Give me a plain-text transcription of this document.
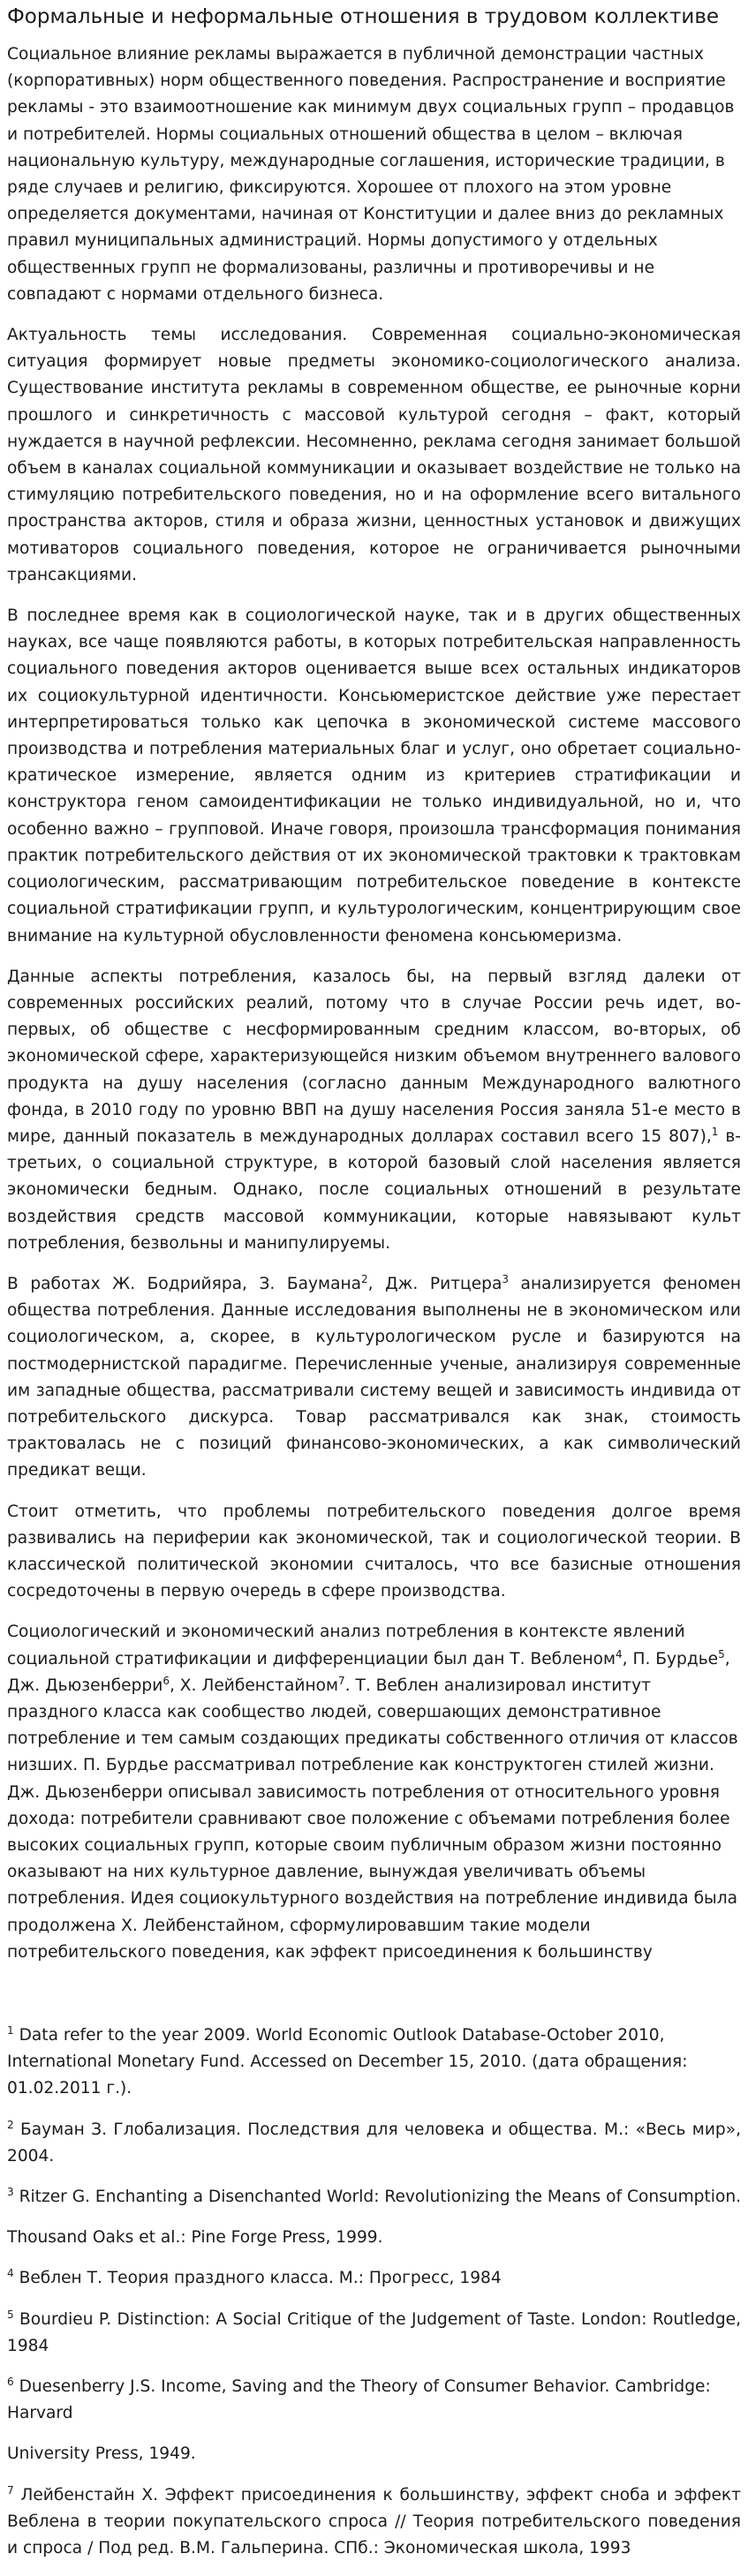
Формальные и неформальные отношения в трудовом коллективе

Социальное влияние рекламы выражается в публичной демонстрации частных (корпоративных) норм общественного поведения. Распространение и восприятие рекламы - это взаимоотношение как минимум двух социальных групп – продавцов и потребителей. Нормы социальных отношений общества в целом – включая национальную культуру, международные соглашения, исторические традиции, в ряде случаев и религию, фиксируются. Хорошее от плохого на этом уровне определяется документами, начиная от Конституции и далее вниз до рекламных правил муниципальных администраций. Нормы допустимого у отдельных общественных групп не формализованы, различны и противоречивы и не совпадают с нормами отдельного бизнеса.

Актуальность темы исследования. Современная социально-экономическая ситуация формирует новые предметы экономико-социологического анализа. Существование института рекламы в современном обществе, ее рыночные корни прошлого и синкретичность с массовой культурой сегодня – факт, который нуждается в научной рефлексии. Несомненно, реклама сегодня занимает большой объем в каналах социальной коммуникации и оказывает воздействие не только на стимуляцию потребительского поведения, но и на оформление всего витального пространства акторов, стиля и образа жизни, ценностных установок и движущих мотиваторов социального поведения, которое не ограничивается рыночными трансакциями.

В последнее время как в социологической науке, так и в других общественных науках, все чаще появляются работы, в которых потребительская направленность социального поведения акторов оценивается выше всех остальных индикаторов их социокультурной идентичности. Консьюмеристское действие уже перестает интерпретироваться только как цепочка в экономической системе массового производства и потребления материальных благ и услуг, оно обретает социально-кратическое измерение, является одним из критериев стратификации и конструктора геном самоидентификации не только индивидуальной, но и, что особенно важно – групповой. Иначе говоря, произошла трансформация понимания практик потребительского действия от их экономической трактовки к трактовкам социологическим, рассматривающим потребительское поведение в контексте социальной стратификации групп, и культурологическим, концентрирующим свое внимание на культурной обусловленности феномена консьюмеризма.

Данные аспекты потребления, казалось бы, на первый взгляд далеки от современных российских реалий, потому что в случае России речь идет, во-первых, об обществе с несформированным средним классом, во-вторых, об экономической сфере, характеризующейся низким объемом внутреннего валового продукта на душу населения (согласно данным Международного валютного фонда, в 2010 году по уровню ВВП на душу населения Россия заняла 51-е место в мире, данный показатель в международных долларах составил всего 15 807),$^1$ в-третьих, о социальной структуре, в которой базовый слой населения является экономически бедным. Однако, после социальных отношений в результате воздействия средств массовой коммуникации, которые навязывают культ потребления, безвольны и манипулируемы.

В работах Ж. Бодрийяра, З. Баумана$^2$, Дж. Ритцера$^3$ анализируется феномен общества потребления. Данные исследования выполнены не в экономическом или социологическом, а, скорее, в культурологическом русле и базируются на постмодернистской парадигме. Перечисленные ученые, анализируя современные им западные общества, рассматривали систему вещей и зависимость индивида от потребительского дискурса. Товар рассматривался как знак, стоимость трактовалась не с позиций финансово-экономических, а как символический предикат вещи.

Стоит отметить, что проблемы потребительского поведения долгое время развивались на периферии как экономической, так и социологической теории. В классической политической экономии считалось, что все базисные отношения сосредоточены в первую очередь в сфере производства.

Социологический и экономический анализ потребления в контексте явлений социальной стратификации и дифференциации был дан Т. Вебленом$^4$, П. Бурдье$^5$, Дж. Дьюзенберри$^6$, Х. Лейбенстайном$^7$. Т. Веблен анализировал институт праздного класса как сообщество людей, совершающих демонстративное потребление и тем самым создающих предикаты собственного отличия от классов низших. П. Бурдье рассматривал потребление как конструктоген стилей жизни. Дж. Дьюзенберри описывал зависимость потребления от относительного уровня дохода: потребители сравнивают свое положение с объемами потребления более высоких социальных групп, которые своим публичным образом жизни постоянно оказывают на них культурное давление, вынуждая увеличивать объемы потребления. Идея социокультурного воздействия на потребление индивида была продолжена Х. Лейбенстайном, сформулировавшим такие модели потребительского поведения, как эффект присоединения к большинству

$^1$ Data refer to the year 2009. World Economic Outlook Database-October 2010, International Monetary Fund. Accessed on December 15, 2010. (дата обращения: 01.02.2011 г.).

$^2$ Бауман З. Глобализация. Последствия для человека и общества. М.: «Весь мир», 2004.

$^3$ Ritzer G. Enchanting a Disenchanted World: Revolutionizing the Means of Consumption.

Thousand Oaks et al.: Pine Forge Press, 1999.

$^4$ Веблен Т. Теория праздного класса. М.: Прогресс, 1984

$^5$ Bourdieu P. Distinction: A Social Critique of the Judgement of Taste. London: Routledge, 1984

$^6$ Duesenberry J.S. Income, Saving and the Theory of Consumer Behavior. Cambridge: Harvard

University Press, 1949.

$^7$ Лейбенстайн Х. Эффект присоединения к большинству, эффект сноба и эффект Веблена в теории покупательского спроса // Теория потребительского поведения и спроса / Под ред. В.М. Гальперина. СПб.: Экономическая школа, 1993
